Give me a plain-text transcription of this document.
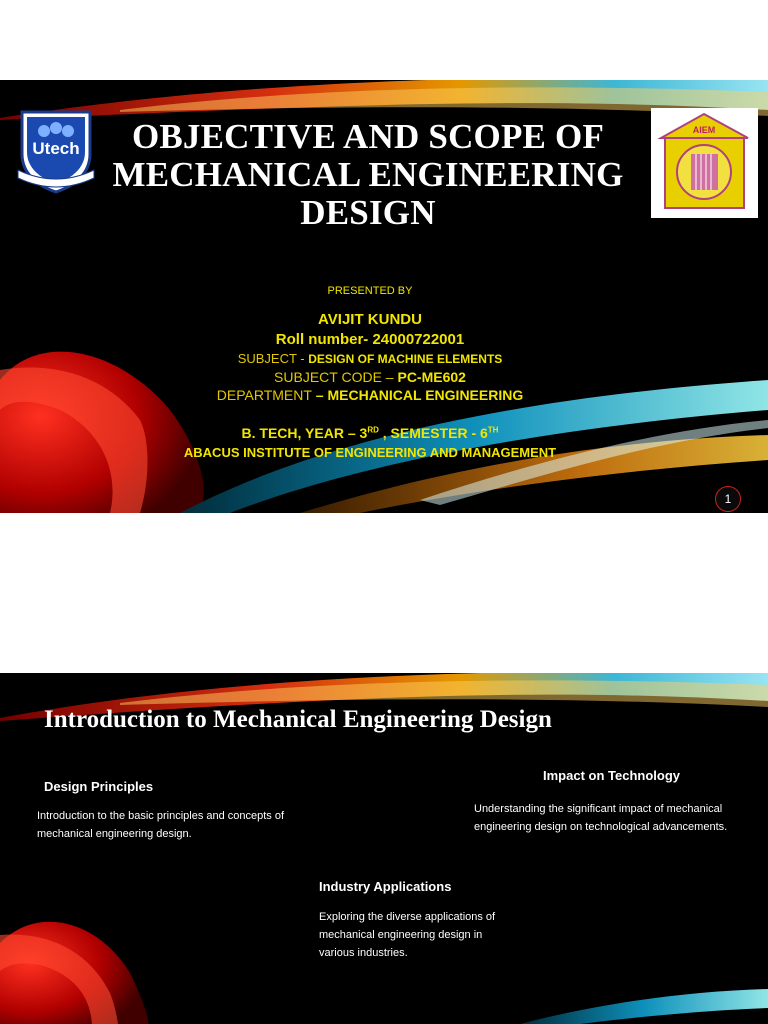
Utech	OBJECTIVE AND SCOPE OF MECHANICAL ENGINEERING DESIGN
AIEM
PRESENTED BY
AVIJIT KUNDU
Roll number- 24000722001
SUBJECT - DESIGN OF MACHINE ELEMENTS
SUBJECT CODE – PC-ME602
DEPARTMENT – MECHANICAL ENGINEERING
B. TECH, YEAR – 3RD , SEMESTER - 6TH
ABACUS INSTITUTE OF ENGINEERING AND MANAGEMENT
1
Introduction to Mechanical Engineering Design
Design Principles
Introduction to the basic principles and concepts of mechanical engineering design.
Impact on Technology
Understanding the significant impact of mechanical engineering design on technological advancements.
Industry Applications
Exploring the diverse applications of mechanical engineering design in various industries.
